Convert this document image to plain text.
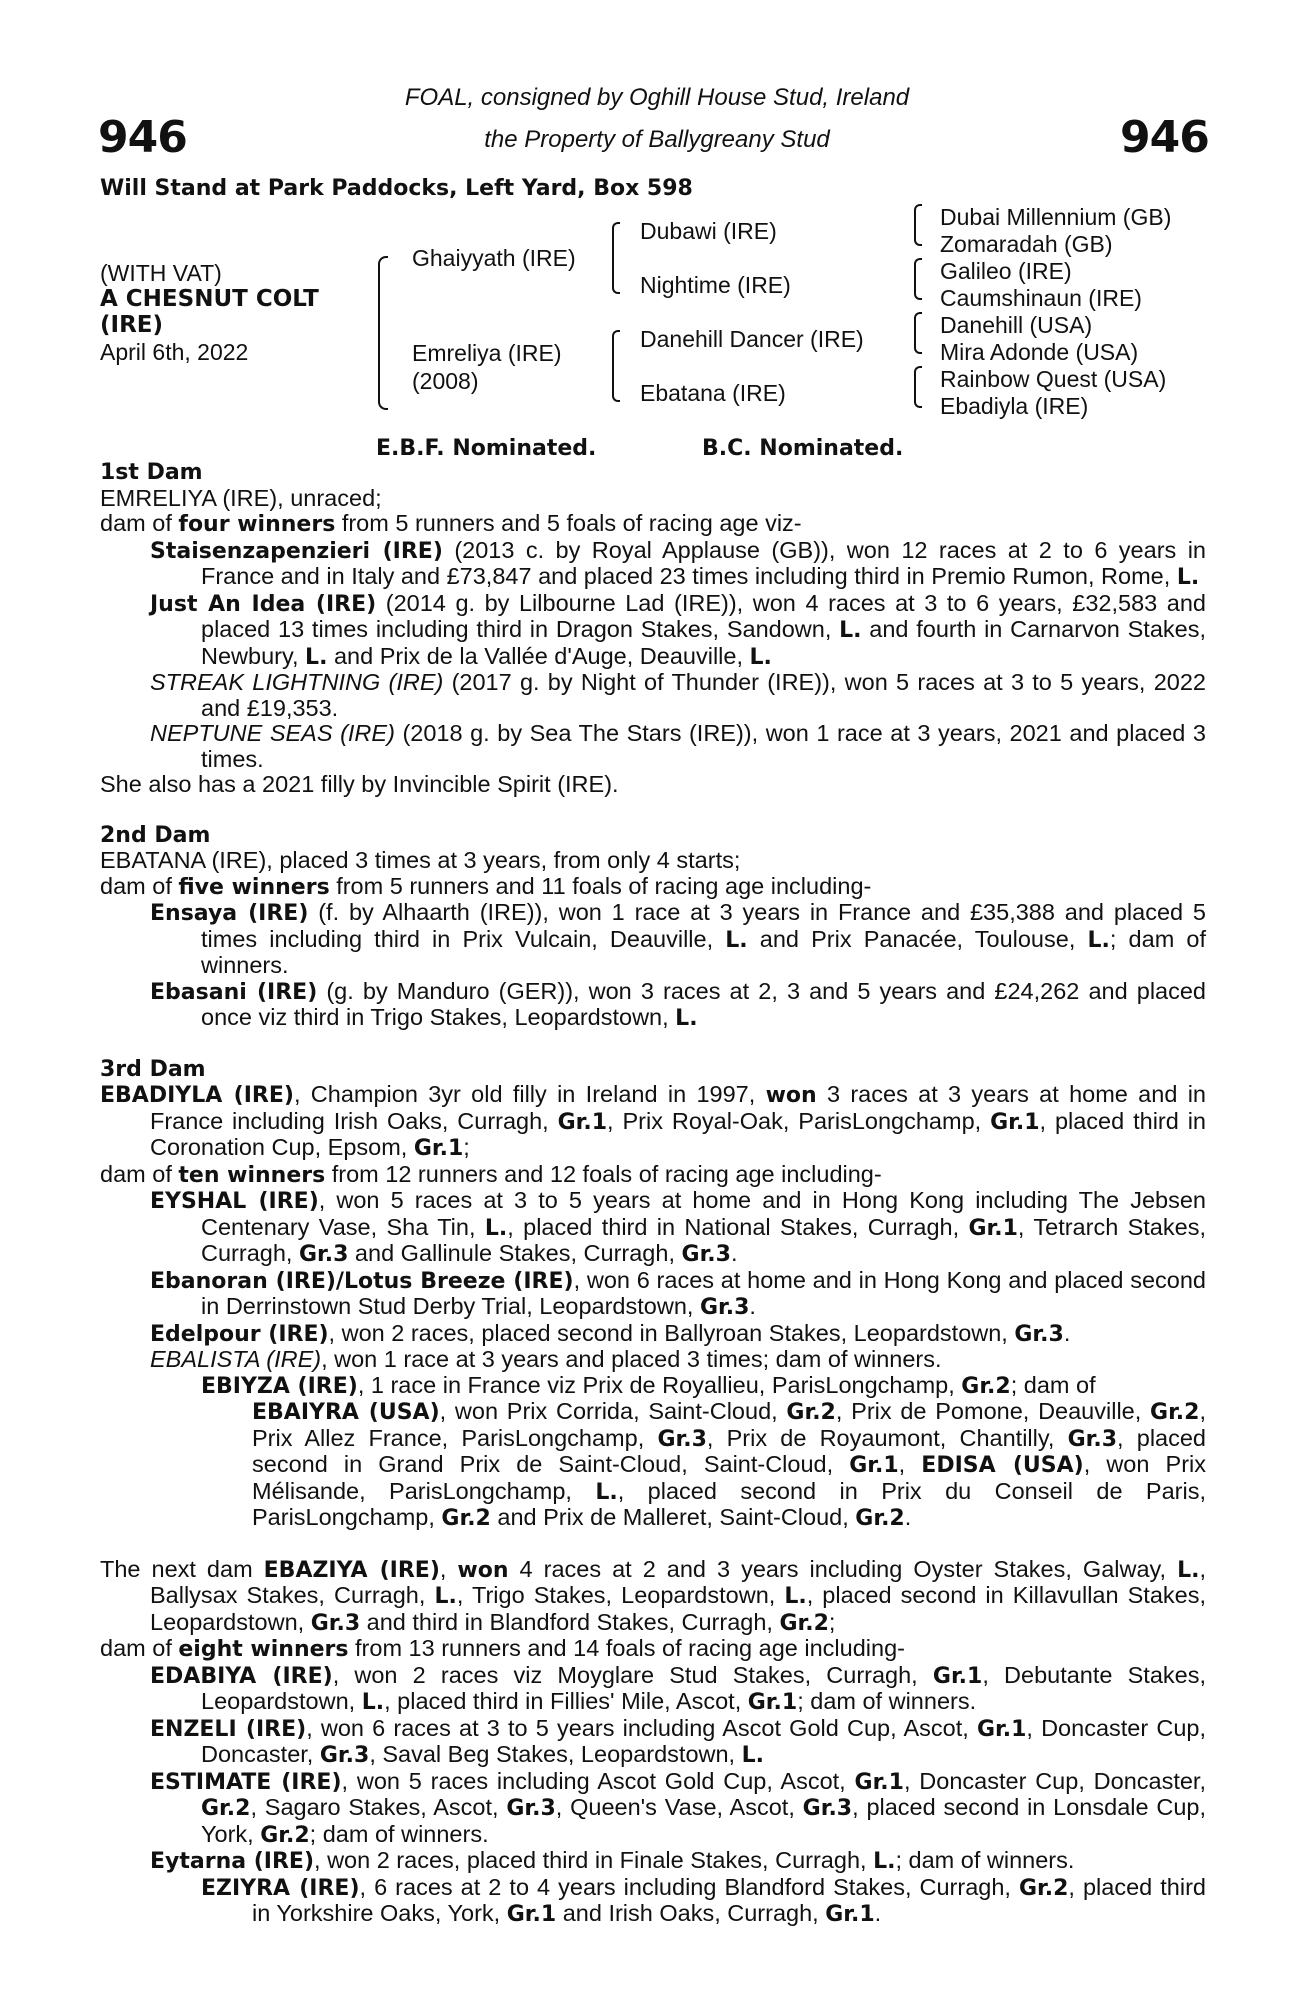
946	946
FOAL, consigned by Oghill House Stud, Ireland
the Property of Ballygreany Stud
Will Stand at Park Paddocks, Left Yard, Box 598
(WITH VAT)
A CHESNUT COLT
(IRE)
April 6th, 2022
Ghaiyyath (IRE)
Emreliya (IRE)
(2008)
Dubawi (IRE)
Nightime (IRE)
Danehill Dancer (IRE)
Ebatana (IRE)
Dubai Millennium (GB)
Zomaradah (GB)
Galileo (IRE)
Caumshinaun (IRE)
Danehill (USA)
Mira Adonde (USA)
Rainbow Quest (USA)
Ebadiyla (IRE)
E.B.F. Nominated.	B.C. Nominated.

1st Dam

EMRELIYA (IRE), unraced;

dam of four winners from 5 runners and 5 foals of racing age viz-

Staisenzapenzieri (IRE) (2013 c. by Royal Applause (GB)), won 12 races at 2 to 6 years in France and in Italy and £73,847 and placed 23 times including third in Premio Rumon, Rome, L.

Just An Idea (IRE) (2014 g. by Lilbourne Lad (IRE)), won 4 races at 3 to 6 years, £32,583 and placed 13 times including third in Dragon Stakes, Sandown, L. and fourth in Carnarvon Stakes, Newbury, L. and Prix de la Vallée d'Auge, Deauville, L.

STREAK LIGHTNING (IRE) (2017 g. by Night of Thunder (IRE)), won 5 races at 3 to 5 years, 2022 and £19,353.

NEPTUNE SEAS (IRE) (2018 g. by Sea The Stars (IRE)), won 1 race at 3 years, 2021 and placed 3 times.

She also has a 2021 filly by Invincible Spirit (IRE).

2nd Dam

EBATANA (IRE), placed 3 times at 3 years, from only 4 starts;

dam of five winners from 5 runners and 11 foals of racing age including-

Ensaya (IRE) (f. by Alhaarth (IRE)), won 1 race at 3 years in France and £35,388 and placed 5 times including third in Prix Vulcain, Deauville, L. and Prix Panacée, Toulouse, L.; dam of winners.

Ebasani (IRE) (g. by Manduro (GER)), won 3 races at 2, 3 and 5 years and £24,262 and placed once viz third in Trigo Stakes, Leopardstown, L.

3rd Dam

EBADIYLA (IRE), Champion 3yr old filly in Ireland in 1997, won 3 races at 3 years at home and in France including Irish Oaks, Curragh, Gr.1, Prix Royal-Oak, ParisLongchamp, Gr.1, placed third in Coronation Cup, Epsom, Gr.1;

dam of ten winners from 12 runners and 12 foals of racing age including-

EYSHAL (IRE), won 5 races at 3 to 5 years at home and in Hong Kong including The Jebsen Centenary Vase, Sha Tin, L., placed third in National Stakes, Curragh, Gr.1, Tetrarch Stakes, Curragh, Gr.3 and Gallinule Stakes, Curragh, Gr.3.

Ebanoran (IRE)/Lotus Breeze (IRE), won 6 races at home and in Hong Kong and placed second in Derrinstown Stud Derby Trial, Leopardstown, Gr.3.

Edelpour (IRE), won 2 races, placed second in Ballyroan Stakes, Leopardstown, Gr.3.

EBALISTA (IRE), won 1 race at 3 years and placed 3 times; dam of winners.

EBIYZA (IRE), 1 race in France viz Prix de Royallieu, ParisLongchamp, Gr.2; dam of

EBAIYRA (USA), won Prix Corrida, Saint-Cloud, Gr.2, Prix de Pomone, Deauville, Gr.2, Prix Allez France, ParisLongchamp, Gr.3, Prix de Royaumont, Chantilly, Gr.3, placed second in Grand Prix de Saint-Cloud, Saint-Cloud, Gr.1, EDISA (USA), won Prix Mélisande, ParisLongchamp, L., placed second in Prix du Conseil de Paris, ParisLongchamp, Gr.2 and Prix de Malleret, Saint-Cloud, Gr.2.

The next dam EBAZIYA (IRE), won 4 races at 2 and 3 years including Oyster Stakes, Galway, L., Ballysax Stakes, Curragh, L., Trigo Stakes, Leopardstown, L., placed second in Killavullan Stakes, Leopardstown, Gr.3 and third in Blandford Stakes, Curragh, Gr.2;

dam of eight winners from 13 runners and 14 foals of racing age including-

EDABIYA (IRE), won 2 races viz Moyglare Stud Stakes, Curragh, Gr.1, Debutante Stakes, Leopardstown, L., placed third in Fillies' Mile, Ascot, Gr.1; dam of winners.

ENZELI (IRE), won 6 races at 3 to 5 years including Ascot Gold Cup, Ascot, Gr.1, Doncaster Cup, Doncaster, Gr.3, Saval Beg Stakes, Leopardstown, L.

ESTIMATE (IRE), won 5 races including Ascot Gold Cup, Ascot, Gr.1, Doncaster Cup, Doncaster, Gr.2, Sagaro Stakes, Ascot, Gr.3, Queen's Vase, Ascot, Gr.3, placed second in Lonsdale Cup, York, Gr.2; dam of winners.

Eytarna (IRE), won 2 races, placed third in Finale Stakes, Curragh, L.; dam of winners.

EZIYRA (IRE), 6 races at 2 to 4 years including Blandford Stakes, Curragh, Gr.2, placed third in Yorkshire Oaks, York, Gr.1 and Irish Oaks, Curragh, Gr.1.
